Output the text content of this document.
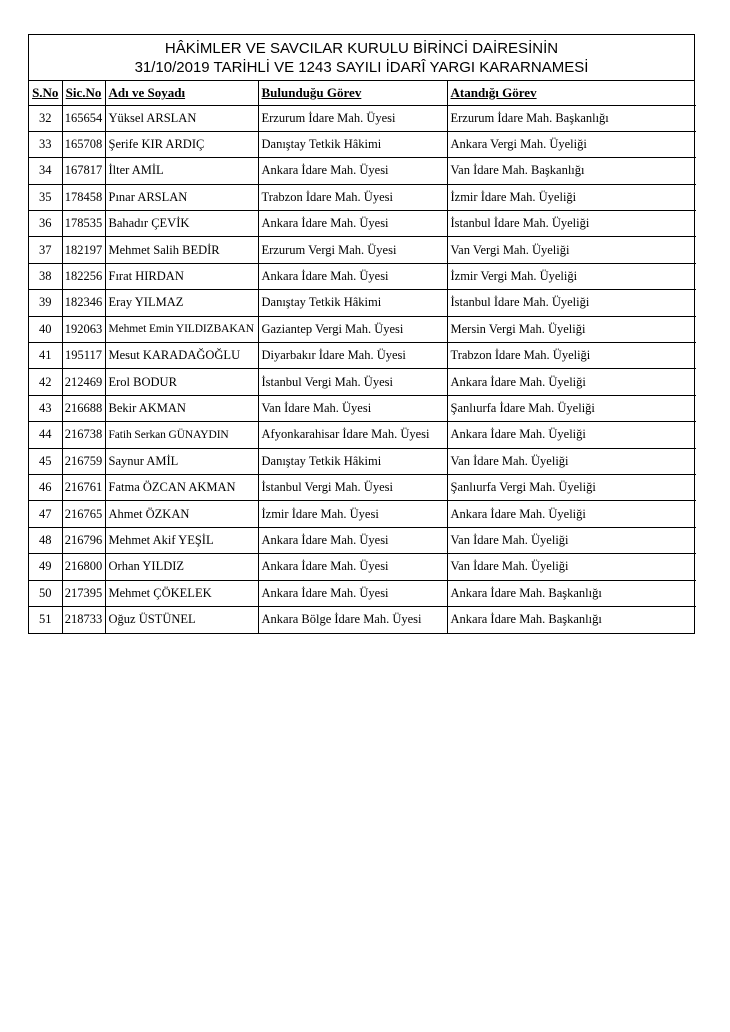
HÂKİMLER VE SAVCILAR KURULU BİRİNCİ DAİRESİNİN
31/10/2019 TARİHLİ VE 1243 SAYILI İDARÎ YARGI KARARNAMESİ
S.No	Sic.No	Adı ve Soyadı	Bulunduğu Görev	Atandığı Görev
32	165654	Yüksel ARSLAN	Erzurum İdare Mah. Üyesi	Erzurum İdare Mah. Başkanlığı
33	165708	Şerife KIR ARDIÇ	Danıştay Tetkik Hâkimi	Ankara Vergi Mah. Üyeliği
34	167817	İlter AMİL	Ankara İdare Mah. Üyesi	Van İdare Mah. Başkanlığı
35	178458	Pınar ARSLAN	Trabzon İdare Mah. Üyesi	İzmir İdare Mah. Üyeliği
36	178535	Bahadır ÇEVİK	Ankara İdare Mah. Üyesi	İstanbul İdare Mah. Üyeliği
37	182197	Mehmet Salih BEDİR	Erzurum Vergi Mah. Üyesi	Van Vergi Mah. Üyeliği
38	182256	Fırat HIRDAN	Ankara İdare Mah. Üyesi	İzmir Vergi Mah. Üyeliği
39	182346	Eray YILMAZ	Danıştay Tetkik Hâkimi	İstanbul İdare Mah. Üyeliği
40	192063	Mehmet Emin YILDIZBAKAN	Gaziantep Vergi Mah. Üyesi	Mersin Vergi Mah. Üyeliği
41	195117	Mesut KARADAĞOĞLU	Diyarbakır İdare Mah. Üyesi	Trabzon İdare Mah. Üyeliği
42	212469	Erol BODUR	İstanbul Vergi Mah. Üyesi	Ankara İdare Mah. Üyeliği
43	216688	Bekir AKMAN	Van İdare Mah. Üyesi	Şanlıurfa İdare Mah. Üyeliği
44	216738	Fatih Serkan GÜNAYDIN	Afyonkarahisar İdare Mah. Üyesi	Ankara İdare Mah. Üyeliği
45	216759	Saynur AMİL	Danıştay Tetkik Hâkimi	Van İdare Mah. Üyeliği
46	216761	Fatma ÖZCAN AKMAN	İstanbul Vergi Mah. Üyesi	Şanlıurfa Vergi Mah. Üyeliği
47	216765	Ahmet ÖZKAN	İzmir İdare Mah. Üyesi	Ankara İdare Mah. Üyeliği
48	216796	Mehmet Akif YEŞİL	Ankara İdare Mah. Üyesi	Van İdare Mah. Üyeliği
49	216800	Orhan YILDIZ	Ankara İdare Mah. Üyesi	Van İdare Mah. Üyeliği
50	217395	Mehmet ÇÖKELEK	Ankara İdare Mah. Üyesi	Ankara İdare Mah. Başkanlığı
51	218733	Oğuz ÜSTÜNEL	Ankara Bölge İdare Mah. Üyesi	Ankara İdare Mah. Başkanlığı
